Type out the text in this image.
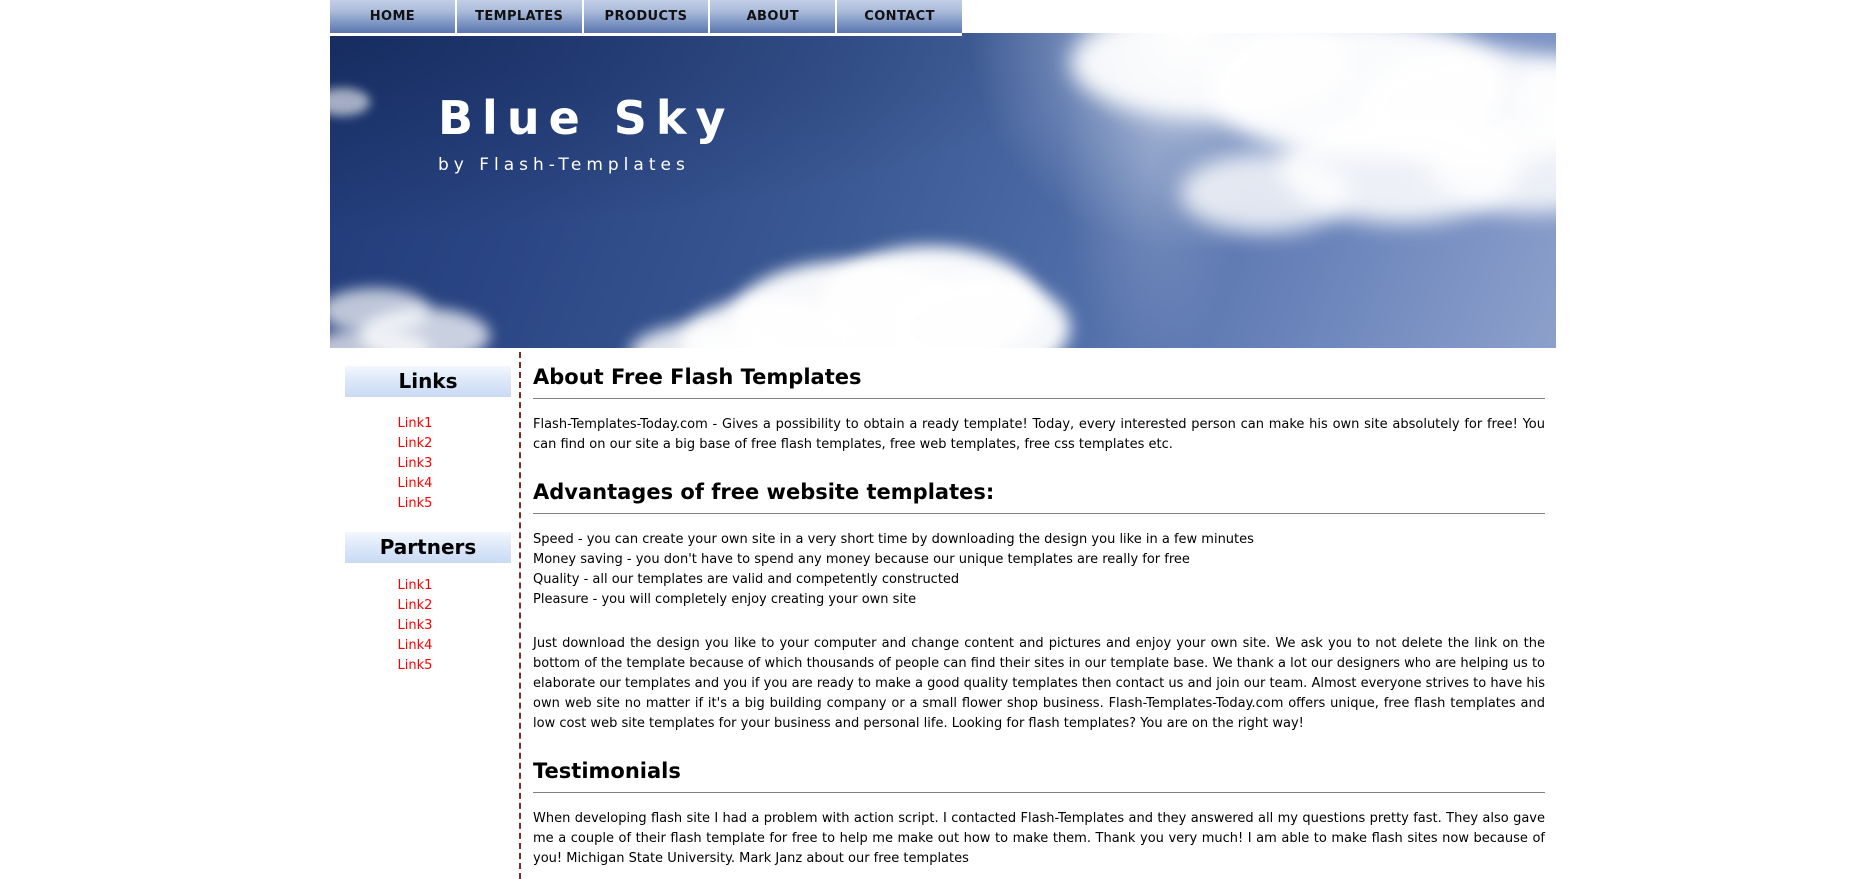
HOME	TEMPLATES	PRODUCTS	ABOUT	CONTACT
Blue Sky
by Flash-Templates
Links
Link1
Link2
Link3
Link4
Link5
Partners
Link1
Link2
Link3
Link4
Link5
About Free Flash Templates

Flash-Templates-Today.com - Gives a possibility to obtain a ready template! Today, every interested person can make his own site absolutely for free! You can find on our site a big base of free flash templates, free web templates, free css templates etc.

Advantages of free website templates:
Speed - you can create your own site in a very short time by downloading the design you like in a few minutes
Money saving - you don't have to spend any money because our unique templates are really for free
Quality - all our templates are valid and competently constructed
Pleasure - you will completely enjoy creating your own site

Just download the design you like to your computer and change content and pictures and enjoy your own site. We ask you to not delete the link on the bottom of the template because of which thousands of people can find their sites in our template base. We thank a lot our designers who are helping us to elaborate our templates and you if you are ready to make a good quality templates then contact us and join our team. Almost everyone strives to have his own web site no matter if it's a big building company or a small flower shop business. Flash-Templates-Today.com offers unique, free flash templates and low cost web site templates for your business and personal life. Looking for flash templates? You are on the right way!

Testimonials

When developing flash site I had a problem with action script. I contacted Flash-Templates and they answered all my questions pretty fast. They also gave me a couple of their flash template for free to help me make out how to make them. Thank you very much! I am able to make flash sites now because of you! Michigan State University. Mark Janz about our free templates
